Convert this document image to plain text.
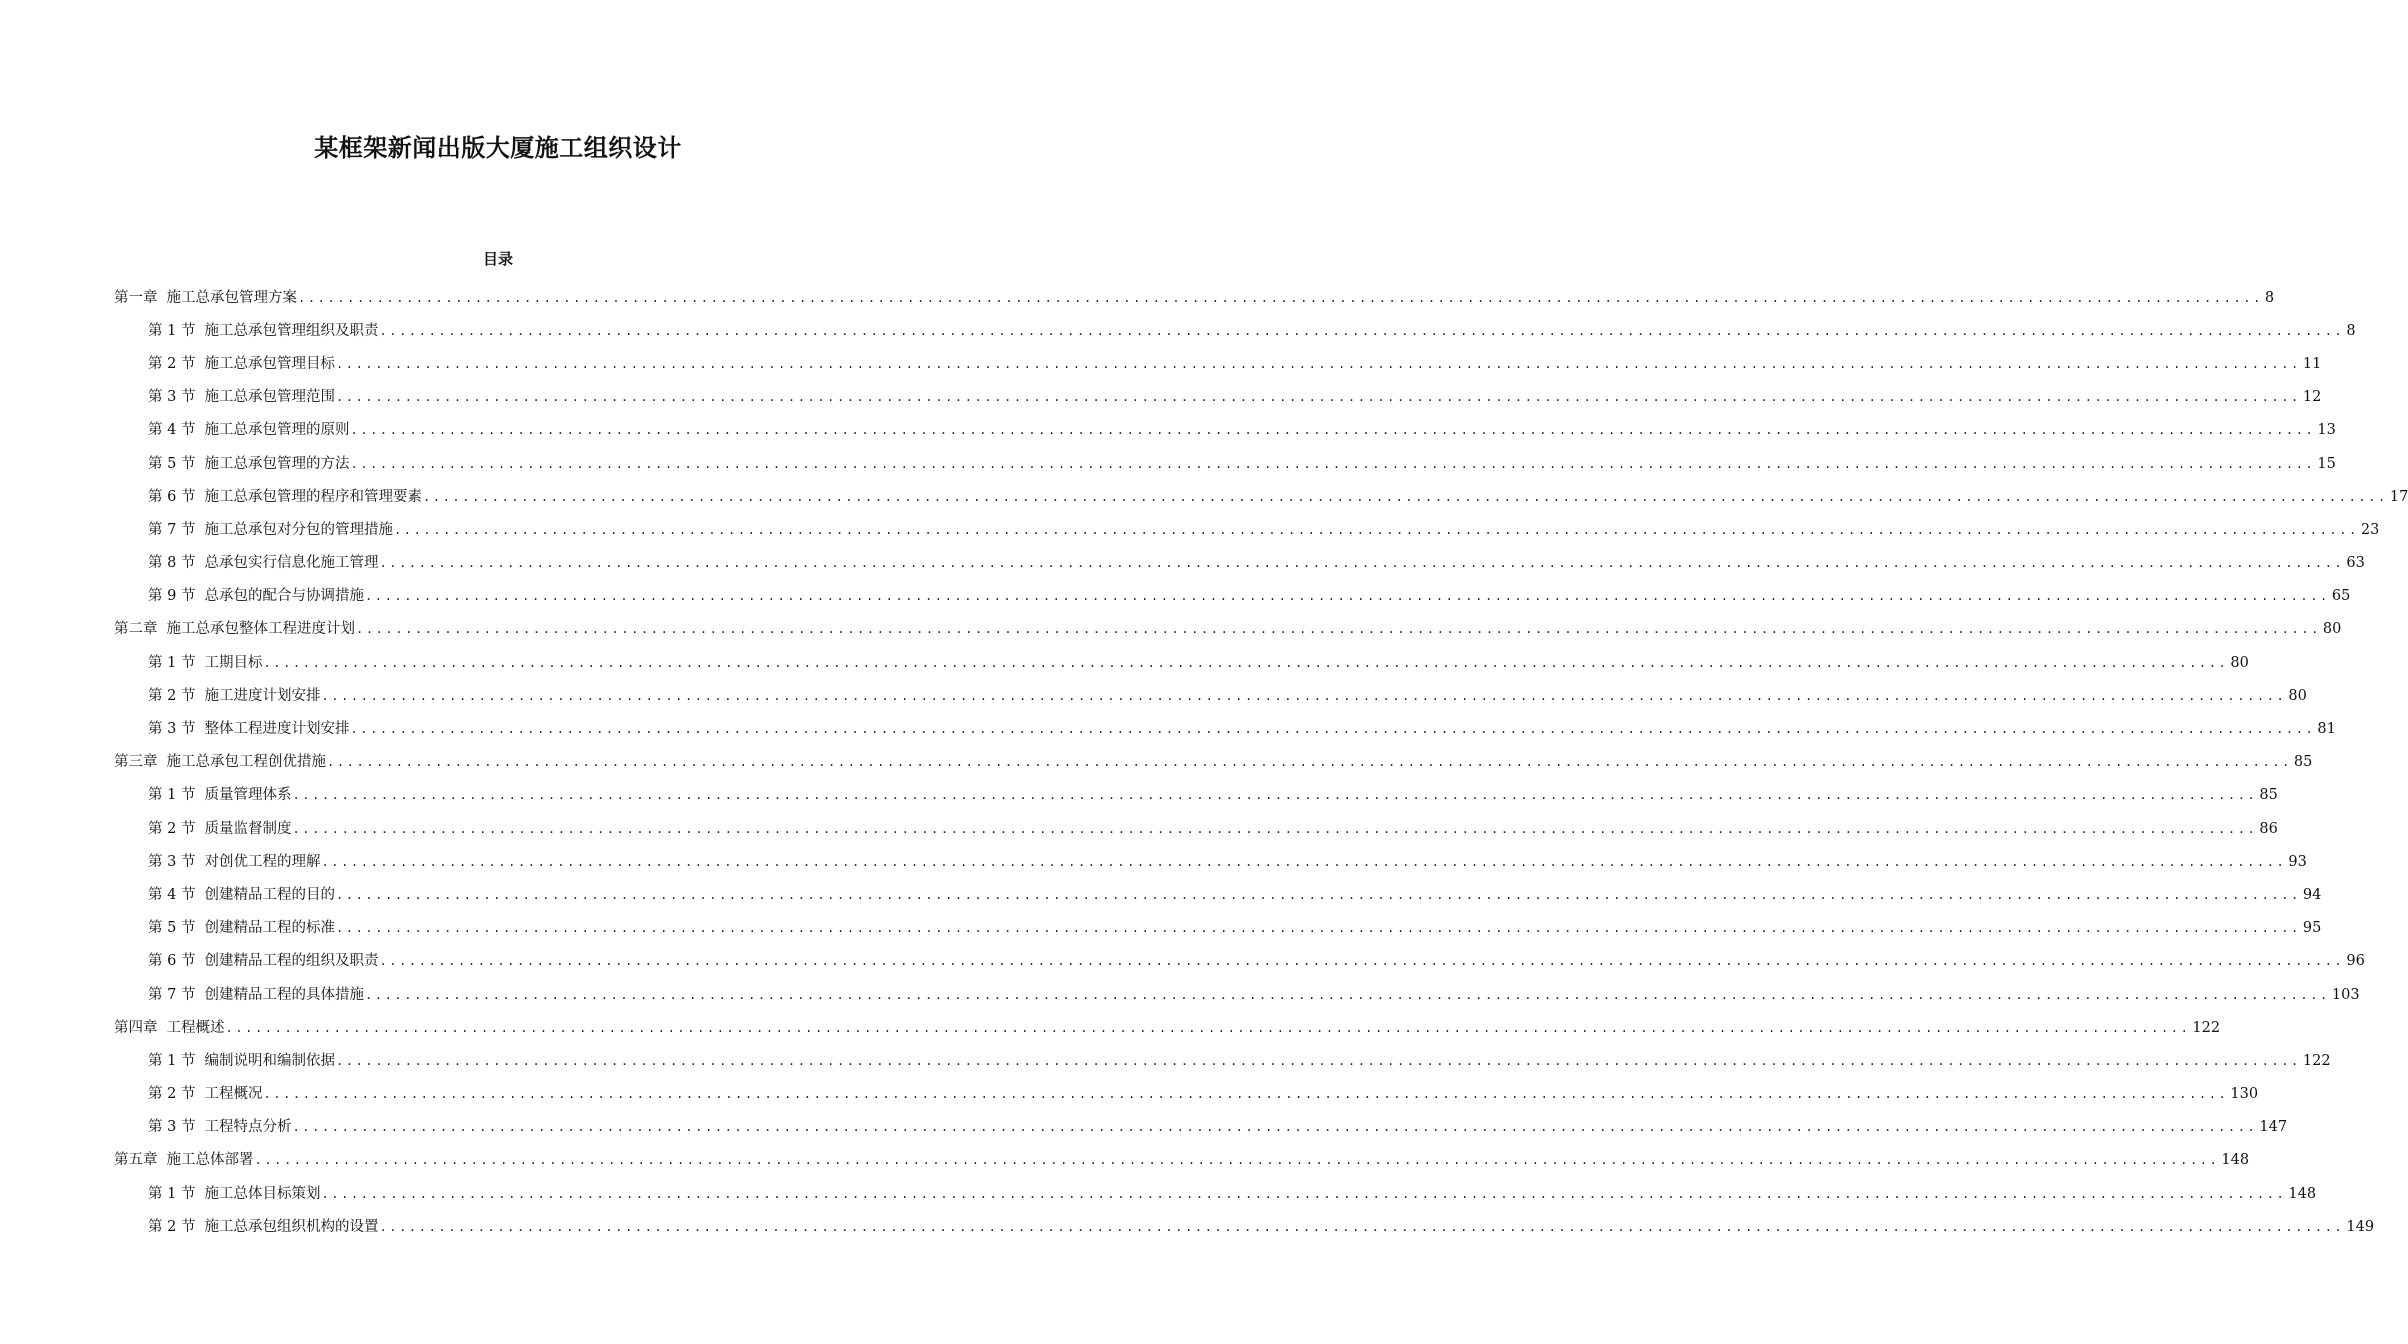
某框架新闻出版大厦施工组织设计
目录
第一章 施工总承包管理方案 ........................................................................................................................................................................................................ 8
第 1 节 施工总承包管理组织及职责 ........................................................................................................................................................................................................ 8
第 2 节 施工总承包管理目标 ........................................................................................................................................................................................................ 11
第 3 节 施工总承包管理范围 ........................................................................................................................................................................................................ 12
第 4 节 施工总承包管理的原则 ........................................................................................................................................................................................................ 13
第 5 节 施工总承包管理的方法 ........................................................................................................................................................................................................ 15
第 6 节 施工总承包管理的程序和管理要素 ........................................................................................................................................................................................................ 17
第 7 节 施工总承包对分包的管理措施 ........................................................................................................................................................................................................ 23
第 8 节 总承包实行信息化施工管理 ........................................................................................................................................................................................................ 63
第 9 节 总承包的配合与协调措施 ........................................................................................................................................................................................................ 65
第二章 施工总承包整体工程进度计划 ........................................................................................................................................................................................................ 80
第 1 节 工期目标 ........................................................................................................................................................................................................ 80
第 2 节 施工进度计划安排 ........................................................................................................................................................................................................ 80
第 3 节 整体工程进度计划安排 ........................................................................................................................................................................................................ 81
第三章 施工总承包工程创优措施 ........................................................................................................................................................................................................ 85
第 1 节 质量管理体系 ........................................................................................................................................................................................................ 85
第 2 节 质量监督制度 ........................................................................................................................................................................................................ 86
第 3 节 对创优工程的理解 ........................................................................................................................................................................................................ 93
第 4 节 创建精品工程的目的 ........................................................................................................................................................................................................ 94
第 5 节 创建精品工程的标准 ........................................................................................................................................................................................................ 95
第 6 节 创建精品工程的组织及职责 ........................................................................................................................................................................................................ 96
第 7 节 创建精品工程的具体措施 ........................................................................................................................................................................................................ 103
第四章 工程概述 ........................................................................................................................................................................................................ 122
第 1 节 编制说明和编制依据 ........................................................................................................................................................................................................ 122
第 2 节 工程概况 ........................................................................................................................................................................................................ 130
第 3 节 工程特点分析 ........................................................................................................................................................................................................ 147
第五章 施工总体部署 ........................................................................................................................................................................................................ 148
第 1 节 施工总体目标策划 ........................................................................................................................................................................................................ 148
第 2 节 施工总承包组织机构的设置 ........................................................................................................................................................................................................ 149
